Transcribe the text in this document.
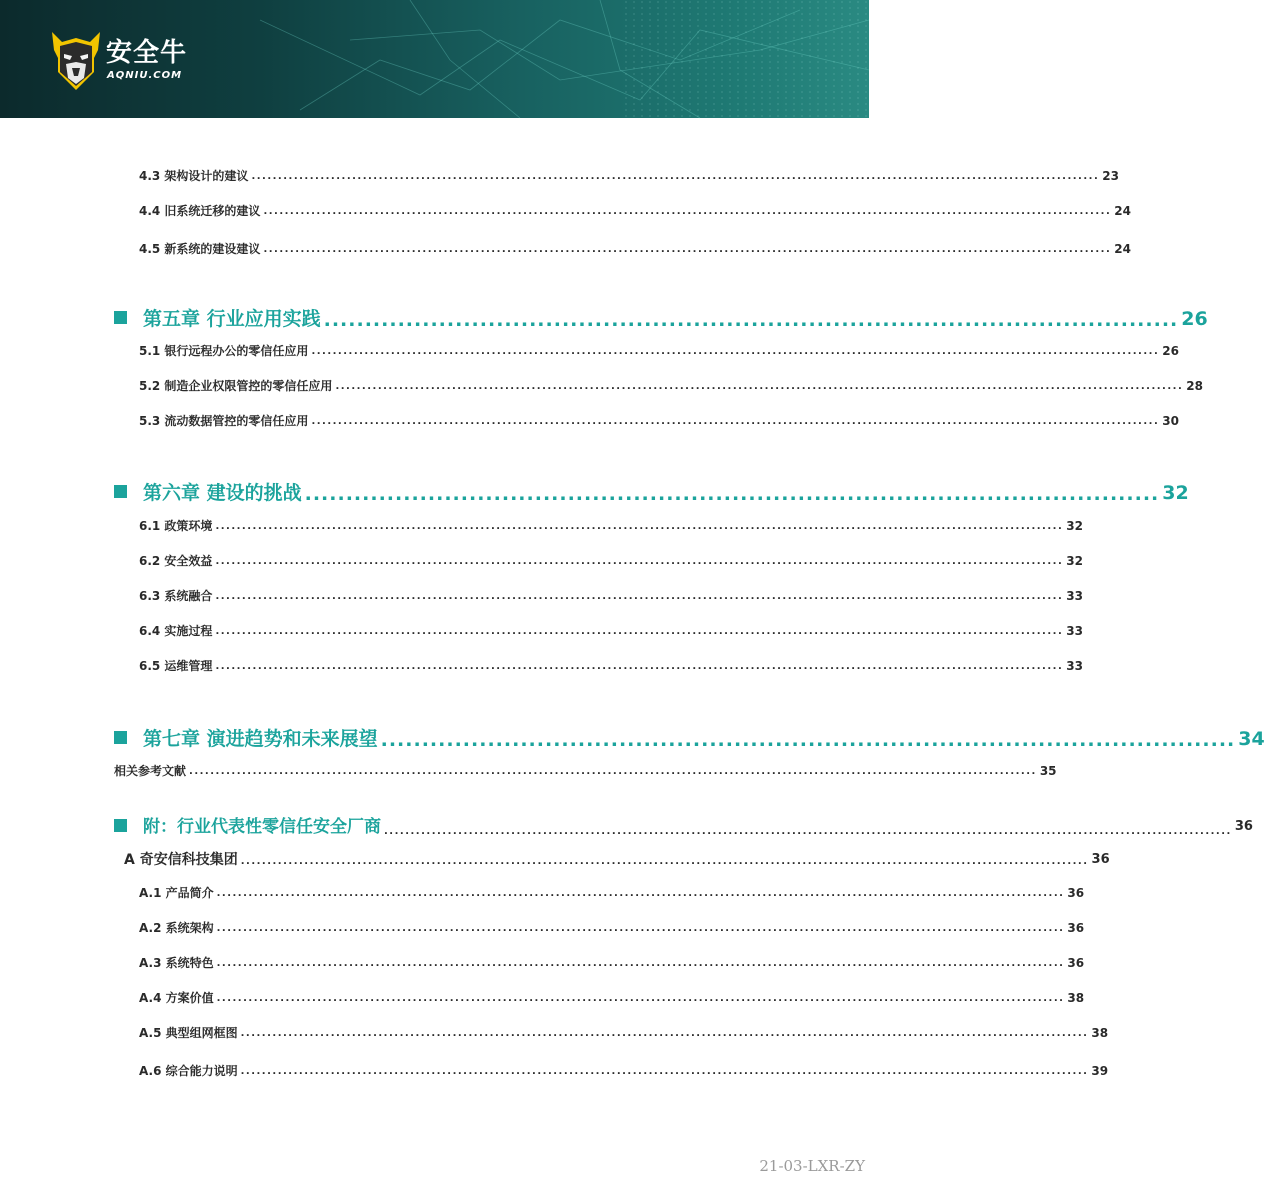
安全牛
AQNIU.COM
4.3 架构设计的建议 ................................................................................................................................................................ 23
4.4 旧系统迁移的建议 ................................................................................................................................................................ 24
4.5 新系统的建设建议 ................................................................................................................................................................ 24
第五章 行业应用实践 ........................................................................................................ 26
5.1 银行远程办公的零信任应用 ................................................................................................................................................................ 26
5.2 制造企业权限管控的零信任应用 ................................................................................................................................................................ 28
5.3 流动数据管控的零信任应用 ................................................................................................................................................................ 30
第六章 建设的挑战 ........................................................................................................ 32
6.1 政策环境 ................................................................................................................................................................ 32
6.2 安全效益 ................................................................................................................................................................ 32
6.3 系统融合 ................................................................................................................................................................ 33
6.4 实施过程 ................................................................................................................................................................ 33
6.5 运维管理 ................................................................................................................................................................ 33
第七章 演进趋势和未来展望 ........................................................................................................ 34
相关参考文献 ................................................................................................................................................................ 35
附：行业代表性零信任安全厂商 ................................................................................................................................................................ 36
A 奇安信科技集团 ................................................................................................................................................................ 36
A.1 产品简介 ................................................................................................................................................................ 36
A.2 系统架构 ................................................................................................................................................................ 36
A.3 系统特色 ................................................................................................................................................................ 36
A.4 方案价值 ................................................................................................................................................................ 38
A.5 典型组网框图 ................................................................................................................................................................ 38
A.6 综合能力说明 ................................................................................................................................................................ 39
21-03-LXR-ZY
